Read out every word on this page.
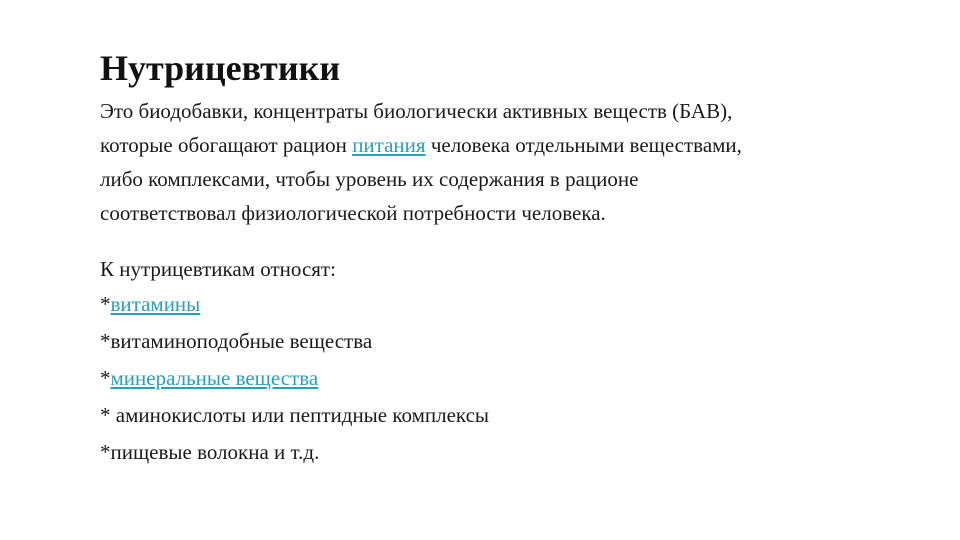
Нутрицевтики

Это биодобавки, концентраты биологически активных веществ (БАВ),
которые обогащают рацион питания человека отдельными веществами,
либо комплексами, чтобы уровень их содержания в рационе
соответствовал физиологической потребности человека.

К нутрицевтикам относят:

*витамины
*витаминоподобные вещества
*минеральные вещества
* аминокислоты или пептидные комплексы
*пищевые волокна и т.д.
